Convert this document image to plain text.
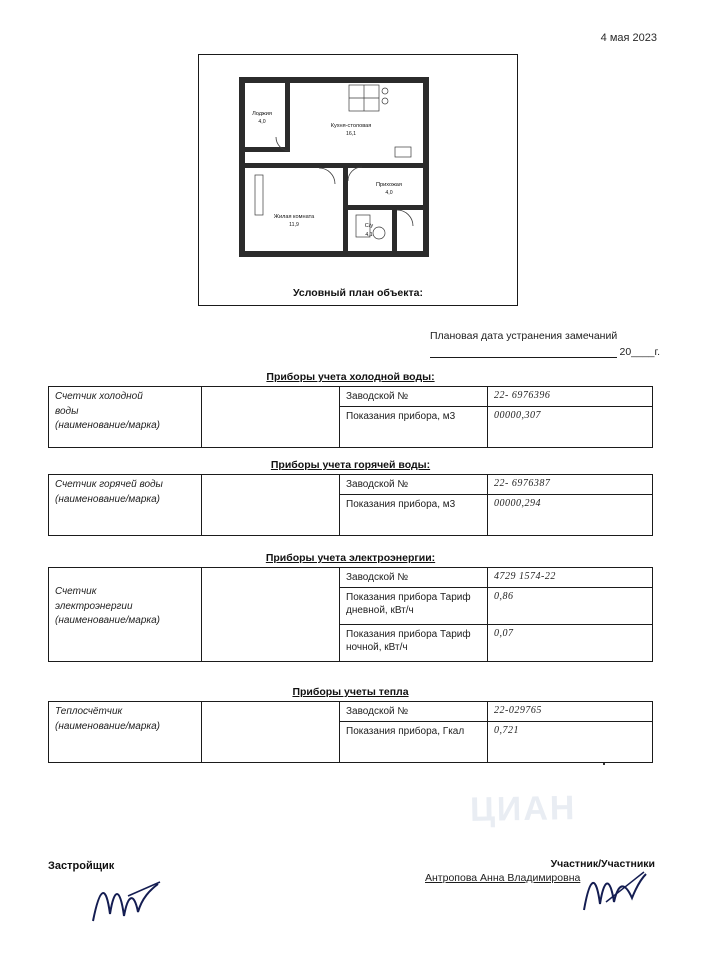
4 мая 2023
Лоджия
4,0
Кухня-столовая
16,1
Прихожая
4,0
Жилая комната
11,9	С/у
4,1
Условный план объекта:
Плановая дата устранения замечаний
20____г.
Приборы учета холодной воды:
Счетчик холодной
воды
(наименование/марка)		Заводской №	22- 6976396
		Показания прибора, м3	00000,307
Приборы учета горячей воды:
Счетчик горячей воды
(наименование/марка)		Заводской №	22- 6976387
		Показания прибора, м3	00000,294
Приборы учета электроэнергии:
Счетчик
электроэнергии
(наименование/марка)		Заводской №	4729 1574-22
		Показания прибора Тариф дневной, кВт/ч	0,86
		Показания прибора Тариф ночной, кВт/ч	0,07
Приборы учеты тепла
Теплосчётчик
(наименование/марка)		Заводской №	22-029765
		Показания прибора, Гкал	0,721
ЦИАН
Застройщик	Участник/Участники
Антропова Анна Владимировна
